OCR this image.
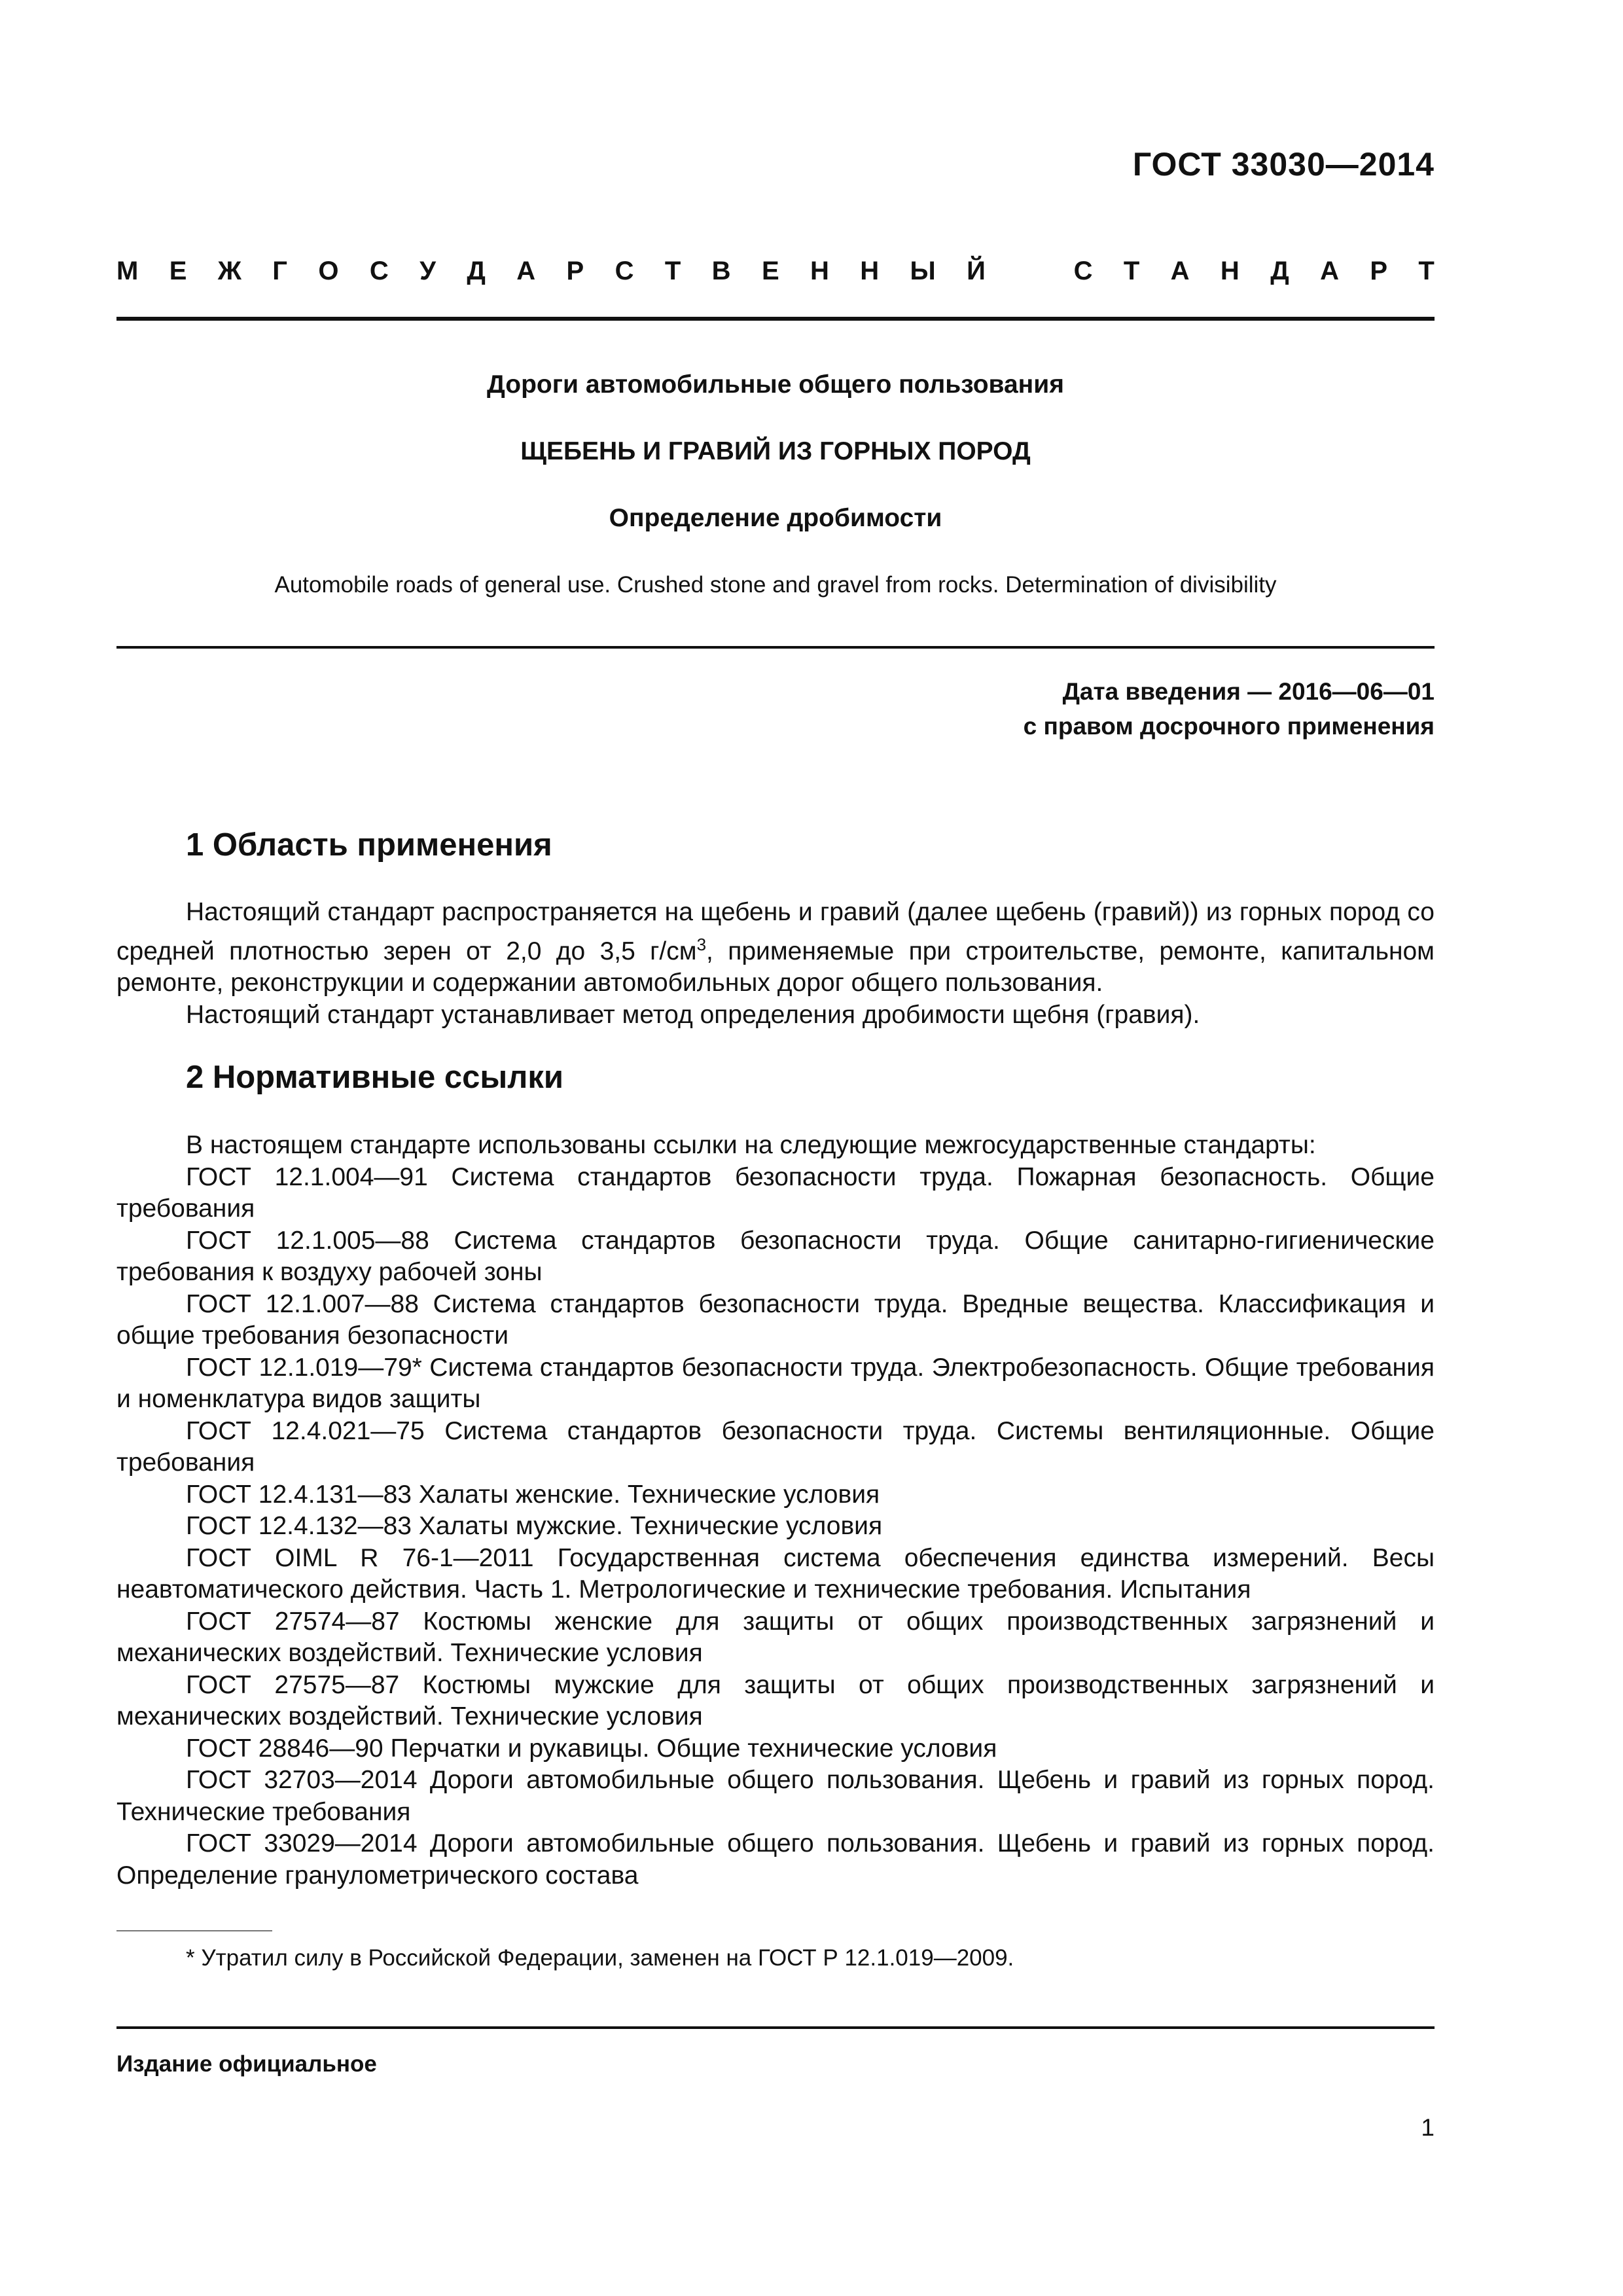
ГОСТ 33030—2014
М Е Ж Г О С У Д А Р С Т В Е Н Н Ы Й	С Т А Н Д А Р Т
Дороги автомобильные общего пользования
ЩЕБЕНЬ И ГРАВИЙ ИЗ ГОРНЫХ ПОРОД
Определение дробимости
Automobile roads of general use. Crushed stone and gravel from rocks. Determination of divisibility
Дата введения — 2016—06—01
с правом досрочного применения
1 Область применения

Настоящий стандарт распространяется на щебень и гравий (далее щебень (гравий)) из горных пород со средней плотностью зерен от 2,0 до 3,5 $г/см^3$, применяемые при строительстве, ремонте, капитальном ремонте, реконструкции и содержании автомобильных дорог общего пользования.

Настоящий стандарт устанавливает метод определения дробимости щебня (гравия).

2 Нормативные ссылки

В настоящем стандарте использованы ссылки на следующие межгосударственные стандарты:

ГОСТ 12.1.004—91 Система стандартов безопасности труда. Пожарная безопасность. Общие требования

ГОСТ 12.1.005—88 Система стандартов безопасности труда. Общие санитарно-гигиенические требования к воздуху рабочей зоны

ГОСТ 12.1.007—88 Система стандартов безопасности труда. Вредные вещества. Классификация и общие требования безопасности

ГОСТ 12.1.019—79* Система стандартов безопасности труда. Электробезопасность. Общие требования и номенклатура видов защиты

ГОСТ 12.4.021—75 Система стандартов безопасности труда. Системы вентиляционные. Общие требования

ГОСТ 12.4.131—83 Халаты женские. Технические условия

ГОСТ 12.4.132—83 Халаты мужские. Технические условия

ГОСТ OIML R 76-1—2011 Государственная система обеспечения единства измерений. Весы неавтоматического действия. Часть 1. Метрологические и технические требования. Испытания

ГОСТ 27574—87 Костюмы женские для защиты от общих производственных загрязнений и механических воздействий. Технические условия

ГОСТ 27575—87 Костюмы мужские для защиты от общих производственных загрязнений и механических воздействий. Технические условия

ГОСТ 28846—90 Перчатки и рукавицы. Общие технические условия

ГОСТ 32703—2014 Дороги автомобильные общего пользования. Щебень и гравий из горных пород. Технические требования

ГОСТ 33029—2014 Дороги автомобильные общего пользования. Щебень и гравий из горных пород. Определение гранулометрического состава

* Утратил силу в Российской Федерации, заменен на ГОСТ Р 12.1.019—2009.
Издание официальное
1
